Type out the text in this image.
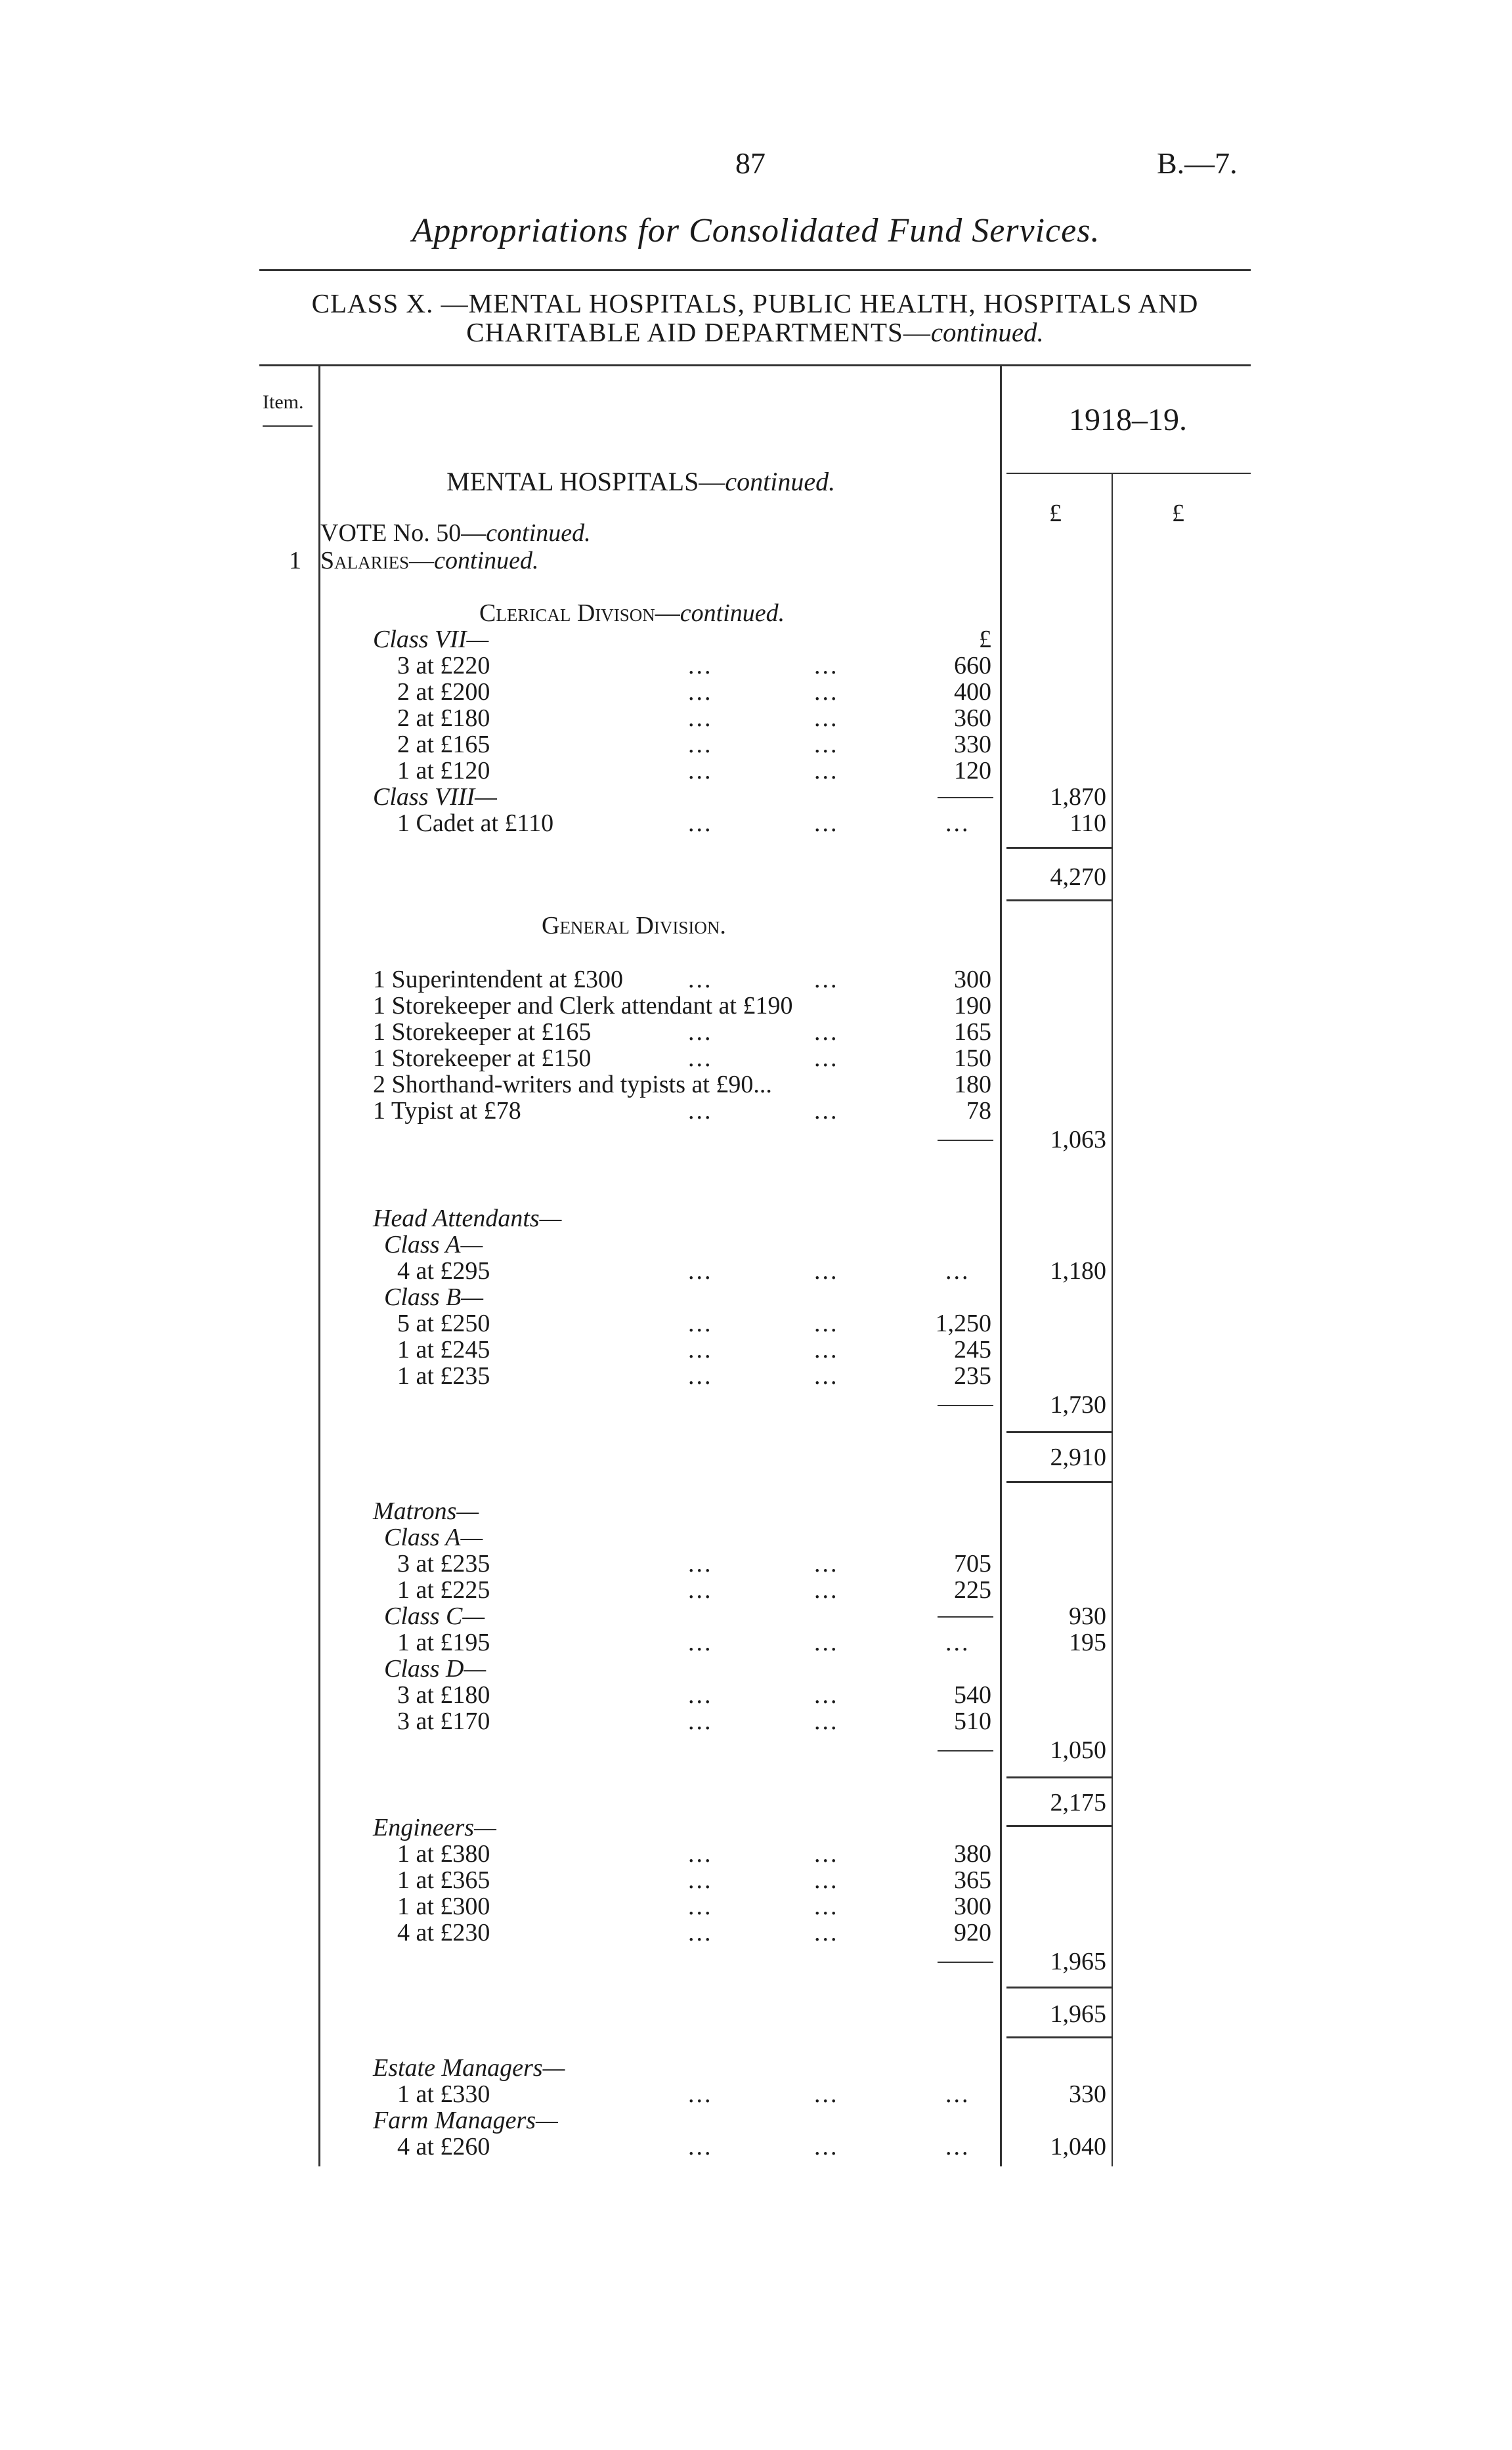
87	B.—7.
Appropriations for Consolidated Fund Services.
CLASS X. —MENTAL HOSPITALS, PUBLIC HEALTH, HOSPITALS AND
CHARITABLE AID DEPARTMENTS—continued.
Item.
1918–19.
£	£
MENTAL HOSPITALS—continued.
VOTE No. 50—continued.
1 Salaries—continued.
Clerical Divison—continued.
Class VII—	£
3 at £220	...	...	660
2 at £200	...	...	400
2 at £180	...	...	360
2 at £165	...	...	330
1 at £120	...	...	120
Class VIII—	1,870
1 Cadet at £110	...	...	...	110
4,270
General Division.
1 Superintendent at £300	...	...	300
1 Storekeeper and Clerk attendant at £190	190
1 Storekeeper at £165	...	...	165
1 Storekeeper at £150	...	...	150
2 Shorthand-writers and typists at £90...	180
1 Typist at £78	...	...	78
1,063
Head Attendants—
Class A—
4 at £295	...	...	...	1,180
Class B—
5 at £250	...	...	1,250
1 at £245	...	...	245
1 at £235	...	...	235
1,730
2,910
Matrons—
Class A—
3 at £235	...	...	705
1 at £225	...	...	225
Class C—	930
1 at £195	...	...	...	195
Class D—
3 at £180	...	...	540
3 at £170	...	...	510
1,050
2,175
Engineers—
1 at £380	...	...	380
1 at £365	...	...	365
1 at £300	...	...	300
4 at £230	...	...	920
1,965
1,965
Estate Managers—
1 at £330	...	...	...	330
Farm Managers—
4 at £260	...	...	...	1,040
